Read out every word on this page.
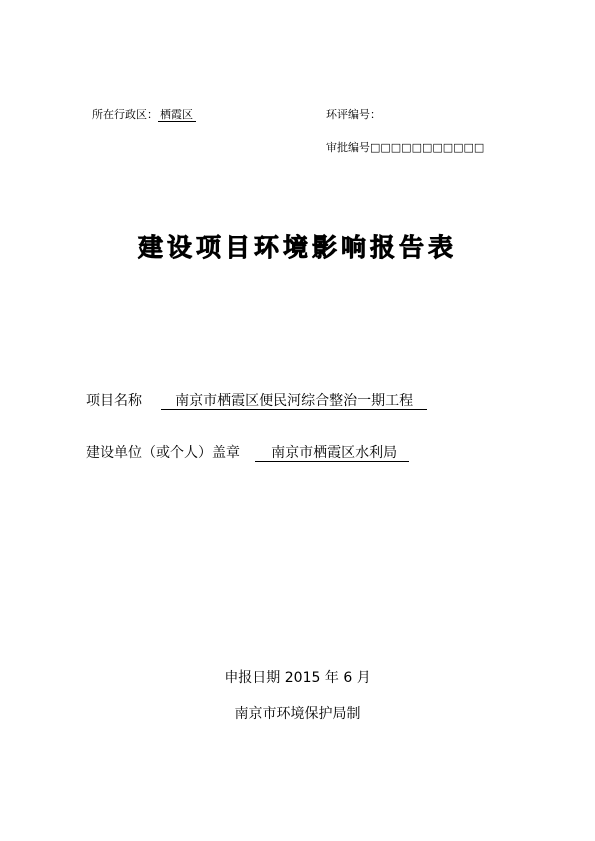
所在行政区： 栖霞区	环评编号：
审批编号□□□□□□□□□□□
建设项目环境影响报告表
项目名称 南京市栖霞区便民河综合整治一期工程
建设单位（或个人）盖章 南京市栖霞区水利局
申报日期 2015 年 6 月
南京市环境保护局制
